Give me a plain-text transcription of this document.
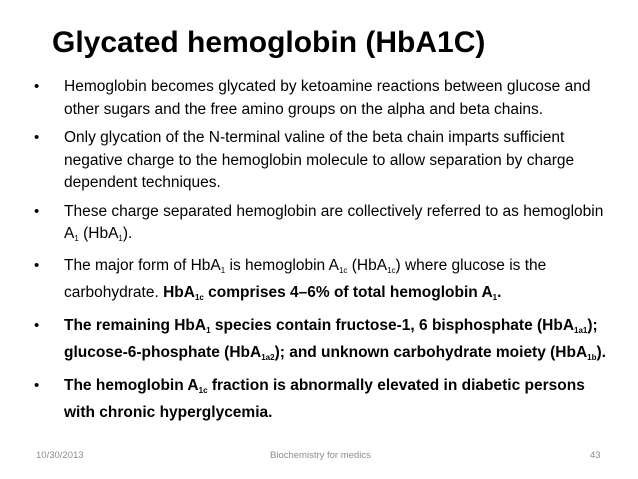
Glycated hemoglobin (HbA1C)
• Hemoglobin becomes glycated by ketoamine reactions between glucose and other sugars and the free amino groups on the alpha and beta chains.
• Only glycation of the N-terminal valine of the beta chain imparts sufficient negative charge to the hemoglobin molecule to allow separation by charge dependent techniques.
• These charge separated hemoglobin are collectively referred to as hemoglobin $A_1$ (HbA$_1$).
• The major form of HbA$_1$ is hemoglobin $A_{1c}$ (HbA$_{1c}$) where glucose is the carbohydrate. HbA$_{1c}$ comprises 4–6% of total hemoglobin $A_1$.
• The remaining HbA$_1$ species contain fructose-1, 6 bisphosphate (HbA$_{1a1}$); glucose-6-phosphate (HbA$_{1a2}$); and unknown carbohydrate moiety (HbA$_{1b}$).
• The hemoglobin $A_{1c}$ fraction is abnormally elevated in diabetic persons with chronic hyperglycemia.
10/30/2013	Biochemistry for medics	43
